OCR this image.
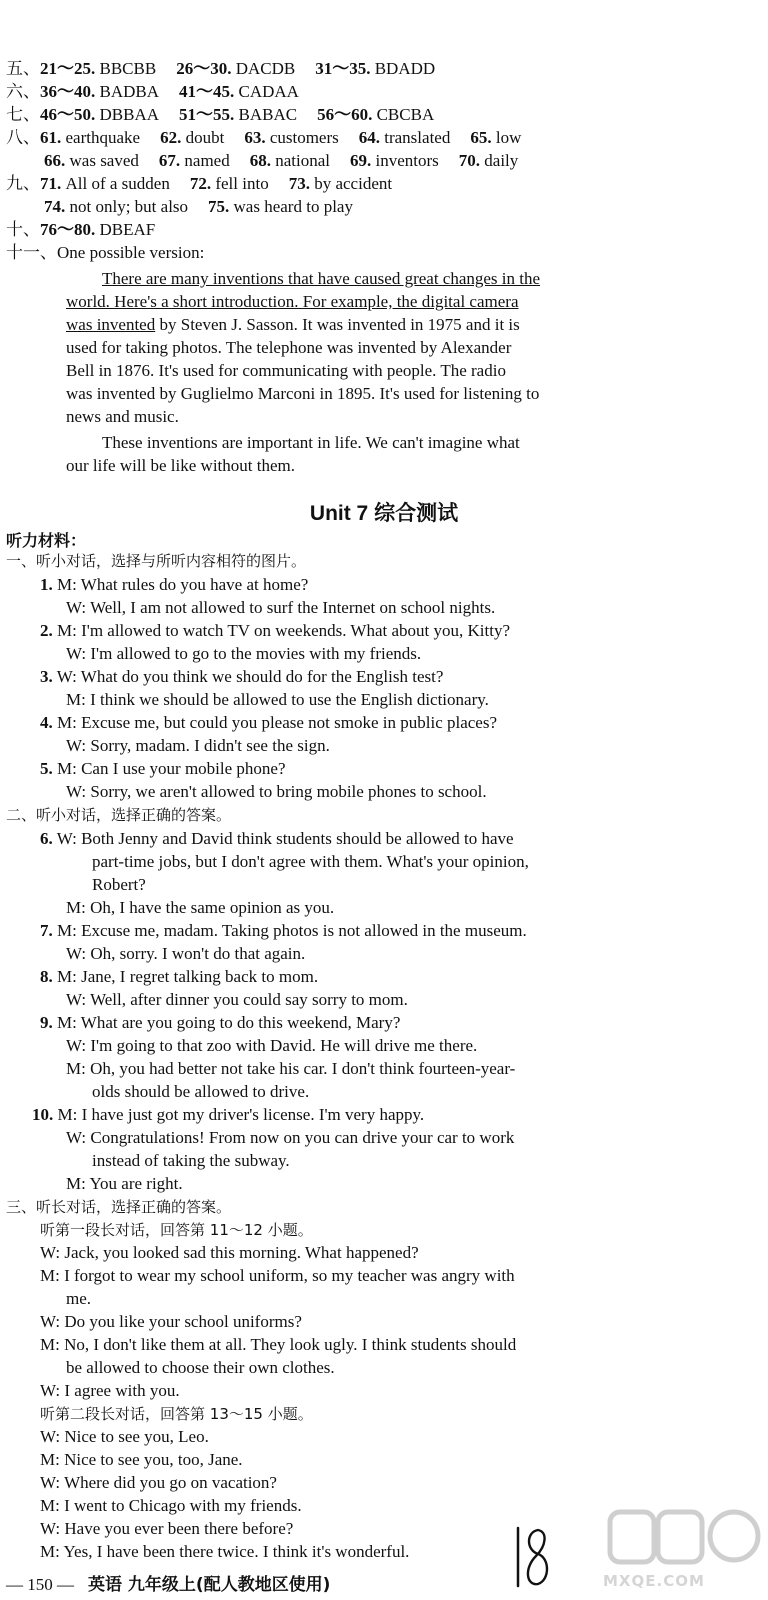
五、21～25. BBCBB 26～30. DACDB 31～35. BDADD
六、36～40. BADBA 41～45. CADAA
七、46～50. DBBAA 51～55. BABAC 56～60. CBCBA
八、61. earthquake 62. doubt 63. customers 64. translated 65. low
66. was saved 67. named 68. national 69. inventors 70. daily
九、71. All of a sudden 72. fell into 73. by accident
74. not only; but also 75. was heard to play
十、76～80. DBEAF
十一、One possible version:
There are many inventions that have caused great changes in the
world. Here's a short introduction. For example, the digital camera
was invented by Steven J. Sasson. It was invented in 1975 and it is
used for taking photos. The telephone was invented by Alexander
Bell in 1876. It's used for communicating with people. The radio
was invented by Guglielmo Marconi in 1895. It's used for listening to
news and music.
These inventions are important in life. We can't imagine what
our life will be like without them.
Unit 7 综合测试
听力材料：
一、听小对话，选择与所听内容相符的图片。
1. M: What rules do you have at home?
W: Well, I am not allowed to surf the Internet on school nights.
2. M: I'm allowed to watch TV on weekends. What about you, Kitty?
W: I'm allowed to go to the movies with my friends.
3. W: What do you think we should do for the English test?
M: I think we should be allowed to use the English dictionary.
4. M: Excuse me, but could you please not smoke in public places?
W: Sorry, madam. I didn't see the sign.
5. M: Can I use your mobile phone?
W: Sorry, we aren't allowed to bring mobile phones to school.
二、听小对话，选择正确的答案。
6. W: Both Jenny and David think students should be allowed to have
part-time jobs, but I don't agree with them. What's your opinion,
Robert?
M: Oh, I have the same opinion as you.
7. M: Excuse me, madam. Taking photos is not allowed in the museum.
W: Oh, sorry. I won't do that again.
8. M: Jane, I regret talking back to mom.
W: Well, after dinner you could say sorry to mom.
9. M: What are you going to do this weekend, Mary?
W: I'm going to that zoo with David. He will drive me there.
M: Oh, you had better not take his car. I don't think fourteen-year-
olds should be allowed to drive.
10. M: I have just got my driver's license. I'm very happy.
W: Congratulations! From now on you can drive your car to work
instead of taking the subway.
M: You are right.
三、听长对话，选择正确的答案。
听第一段长对话，回答第 11～12 小题。
W: Jack, you looked sad this morning. What happened?
M: I forgot to wear my school uniform, so my teacher was angry with
me.
W: Do you like your school uniforms?
M: No, I don't like them at all. They look ugly. I think students should
be allowed to choose their own clothes.
W: I agree with you.
听第二段长对话，回答第 13～15 小题。
W: Nice to see you, Leo.
M: Nice to see you, too, Jane.
W: Where did you go on vacation?
M: I went to Chicago with my friends.
W: Have you ever been there before?
M: Yes, I have been there twice. I think it's wonderful.
— 150 — 英语 九年级上(配人教地区使用)	MXQE.COM
